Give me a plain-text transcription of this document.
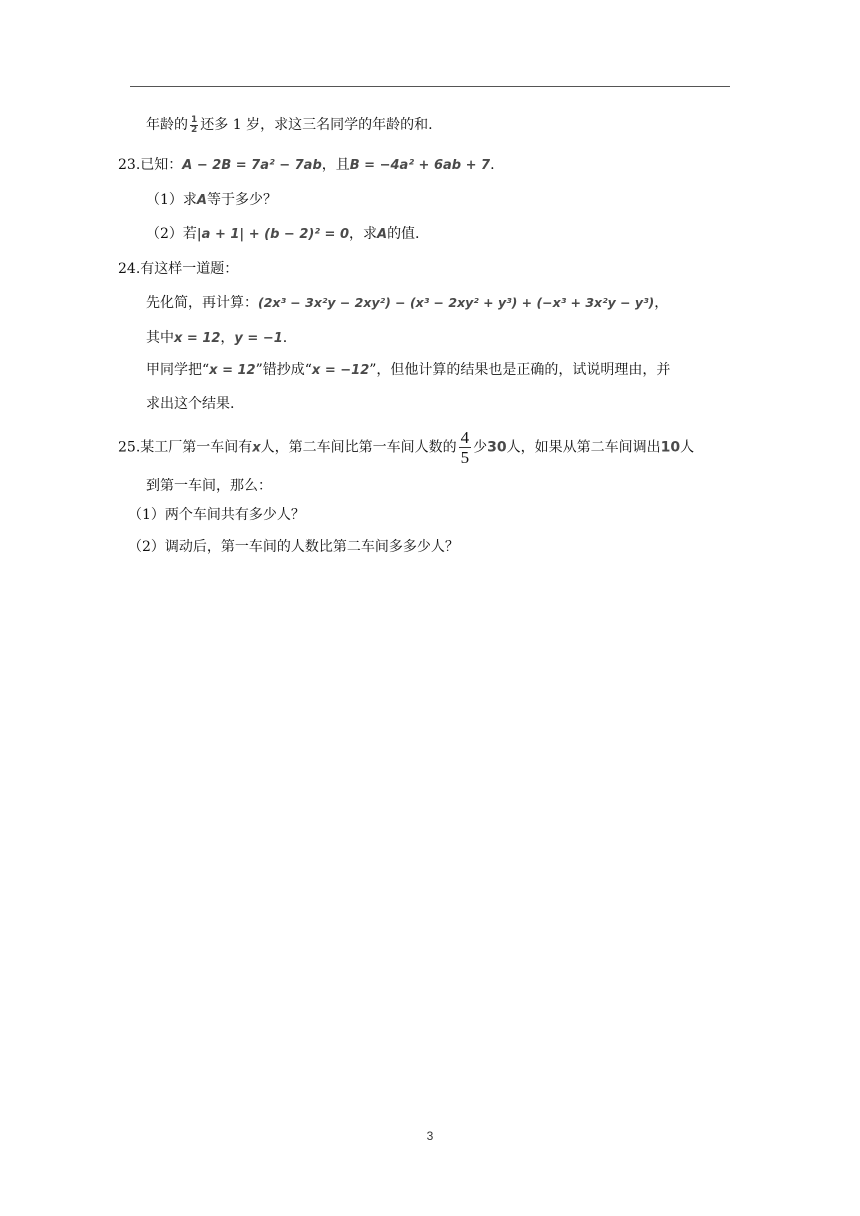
年龄的 $\frac{1}{2}$ 还多 1 岁，求这三名同学的年龄的和.
23.已知：A − 2B = 7a² − 7ab，且B = −4a² + 6ab + 7.
（1）求A等于多少？
（2）若|a + 1| + (b − 2)² = 0，求A的值.
24.有这样一道题：
先化简，再计算：(2x³ − 3x²y − 2xy²) − (x³ − 2xy² + y³) + (−x³ + 3x²y − y³)，
其中x = 12，y = −1.
甲同学把“x = 12”错抄成“x = −12”，但他计算的结果也是正确的，试说明理由，并
求出这个结果.
25.某工厂第一车间有x人，第二车间比第一车间人数的 $\frac{4}{5}$ 少30人，如果从第二车间调出10人
到第一车间，那么：
（1）两个车间共有多少人？
（2）调动后，第一车间的人数比第二车间多多少人？
3
